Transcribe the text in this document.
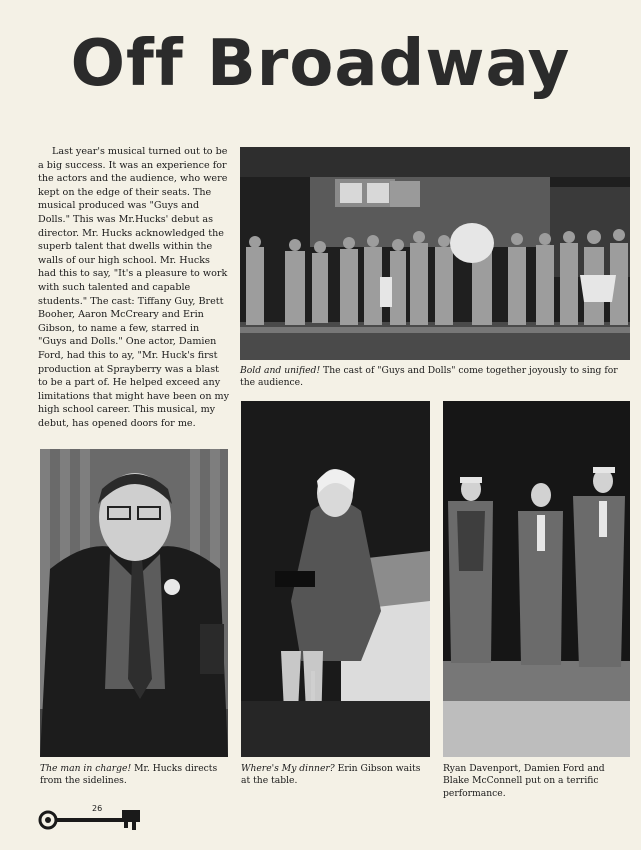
Off Broadway

Last year's musical turned out to be a big success. It was an experience for the actors and the audience, who were kept on the edge of their seats. The musical produced was "Guys and Dolls." This was Mr.Hucks' debut as director. Mr. Hucks acknowledged the superb talent that dwells within the walls of our high school. Mr. Hucks had this to say, "It's a pleasure to work with such talented and capable students." The cast: Tiffany Guy, Brett Booher, Aaron McCreary and Erin Gibson, to name a few, starred in "Guys and Dolls." One actor, Damien Ford, had this to ay, "Mr. Huck's first production at Sprayberry was a blast to be a part of. He helped exceed any limitations that might have been on my high school career. This musical, my debut, has opened doors for me.

Bold and unified! The cast of "Guys and Dolls" come together joyously to sing for the audience.
The man in charge! Mr. Hucks directs from the sidelines.
Where's My dinner? Erin Gibson waits at the table.
Ryan Davenport, Damien Ford and Blake McConnell put on a terrific performance.
26
